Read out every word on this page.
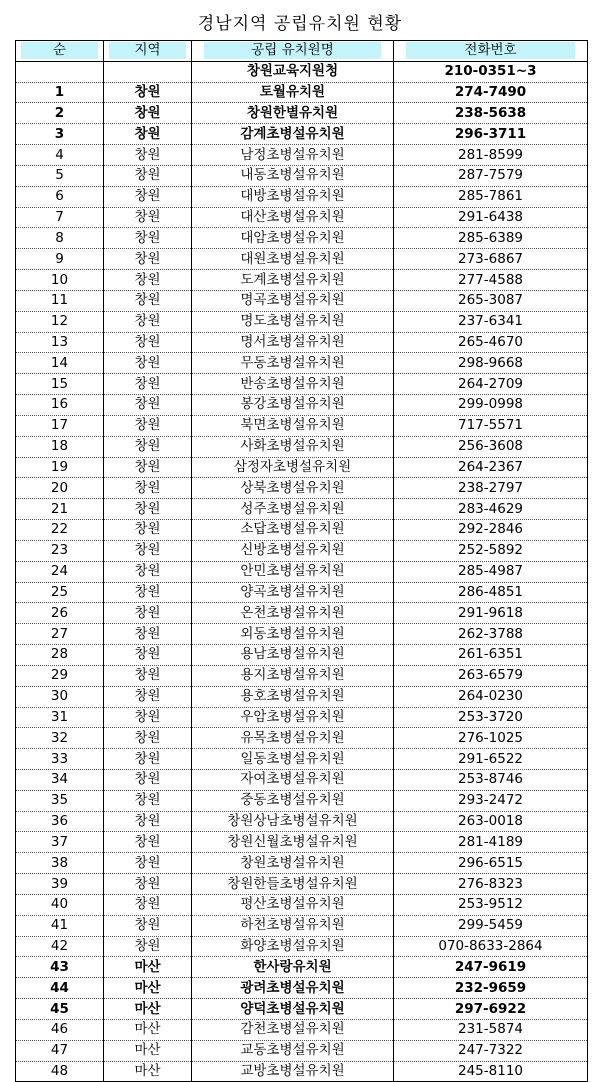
경남지역 공립유치원 현황
순	지역	공립 유치원명	전화번호
		창원교육지원청	210-0351~3
1	창원	토월유치원	274-7490
2	창원	창원한별유치원	238-5638
3	창원	감계초병설유치원	296-3711
4	창원	남정초병설유치원	281-8599
5	창원	내동초병설유치원	287-7579
6	창원	대방초병설유치원	285-7861
7	창원	대산초병설유치원	291-6438
8	창원	대암초병설유치원	285-6389
9	창원	대원초병설유치원	273-6867
10	창원	도계초병설유치원	277-4588
11	창원	명곡초병설유치원	265-3087
12	창원	명도초병설유치원	237-6341
13	창원	명서초병설유치원	265-4670
14	창원	무동초병설유치원	298-9668
15	창원	반송초병설유치원	264-2709
16	창원	봉강초병설유치원	299-0998
17	창원	북면초병설유치원	717-5571
18	창원	사화초병설유치원	256-3608
19	창원	삼정자초병설유치원	264-2367
20	창원	상북초병설유치원	238-2797
21	창원	성주초병설유치원	283-4629
22	창원	소답초병설유치원	292-2846
23	창원	신방초병설유치원	252-5892
24	창원	안민초병설유치원	285-4987
25	창원	양곡초병설유치원	286-4851
26	창원	온천초병설유치원	291-9618
27	창원	외동초병설유치원	262-3788
28	창원	용남초병설유치원	261-6351
29	창원	용지초병설유치원	263-6579
30	창원	용호초병설유치원	264-0230
31	창원	우암초병설유치원	253-3720
32	창원	유목초병설유치원	276-1025
33	창원	일동초병설유치원	291-6522
34	창원	자여초병설유치원	253-8746
35	창원	중동초병설유치원	293-2472
36	창원	창원상남초병설유치원	263-0018
37	창원	창원신월초병설유치원	281-4189
38	창원	창원초병설유치원	296-6515
39	창원	창원한들초병설유치원	276-8323
40	창원	평산초병설유치원	253-9512
41	창원	하천초병설유치원	299-5459
42	창원	화양초병설유치원	070-8633-2864
43	마산	한사랑유치원	247-9619
44	마산	광려초병설유치원	232-9659
45	마산	양덕초병설유치원	297-6922
46	마산	감천초병설유치원	231-5874
47	마산	교동초병설유치원	247-7322
48	마산	교방초병설유치원	245-8110
